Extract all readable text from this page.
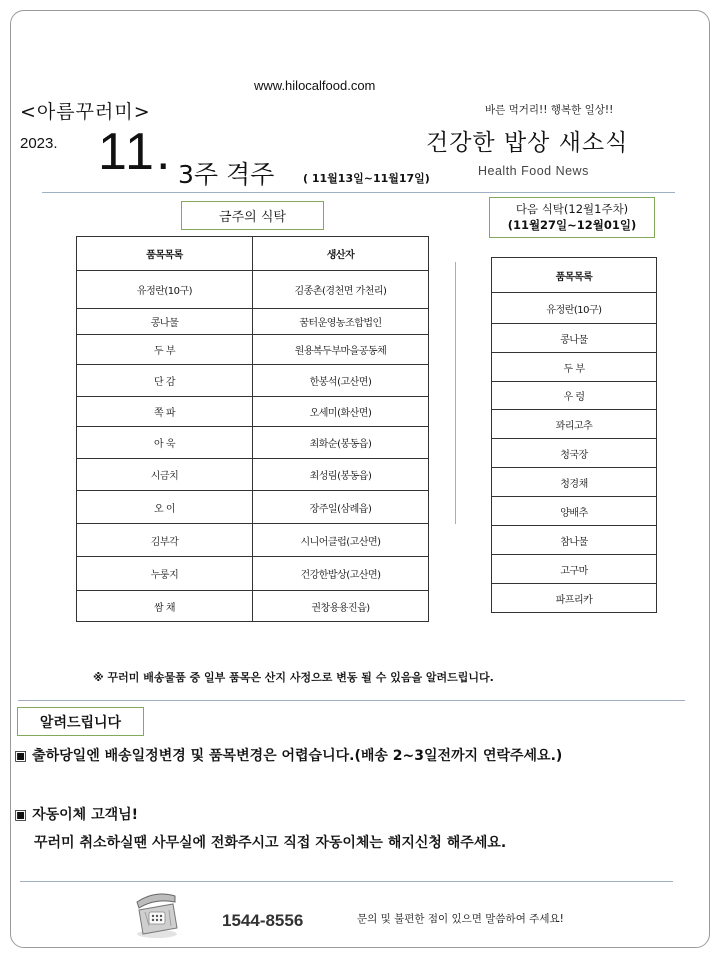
www.hilocalfood.com
<아름꾸러미>	바른 먹거리!! 행복한 일상!!
2023. 11. 3주 격주	( 11월13일~11월17일)
건강한 밥상 새소식
Health Food News
금주의 식탁
다음 식탁(12월1주차)
(11월27일~12월01일)
품목목록	생산자
유정란(10구)	김종촌(경천면 가천리)
콩나물	꿈터운영농조합법인
두 부	원용복두부마을공동체
단 감	한봉석(고산면)
쪽 파	오세미(화산면)
아 욱	최화순(봉동읍)
시금치	최성림(봉동읍)
오 이	장주일(삼례읍)
김부각	시니어클럽(고산면)
누룽지	건강한밥상(고산면)
쌈 채	권창용용진읍)
품목목록
유정란(10구)
콩나물
두 부
우 렁
꽈리고추
청국장
청경채
양배추
참나물
고구마
파프리카
※ 꾸러미 배송물품 중 일부 품목은 산지 사정으로 변동 될 수 있음을 알려드립니다.
알려드립니다
▣ 출하당일엔 배송일정변경 및 품목변경은 어렵습니다.(배송 2~3일전까지 연락주세요.)
▣ 자동이체 고객님!
꾸러미 취소하실땐 사무실에 전화주시고 직접 자동이체는 해지신청 해주세요.
1544-8556	문의 및 불편한 점이 있으면 말씀하여 주세요!
